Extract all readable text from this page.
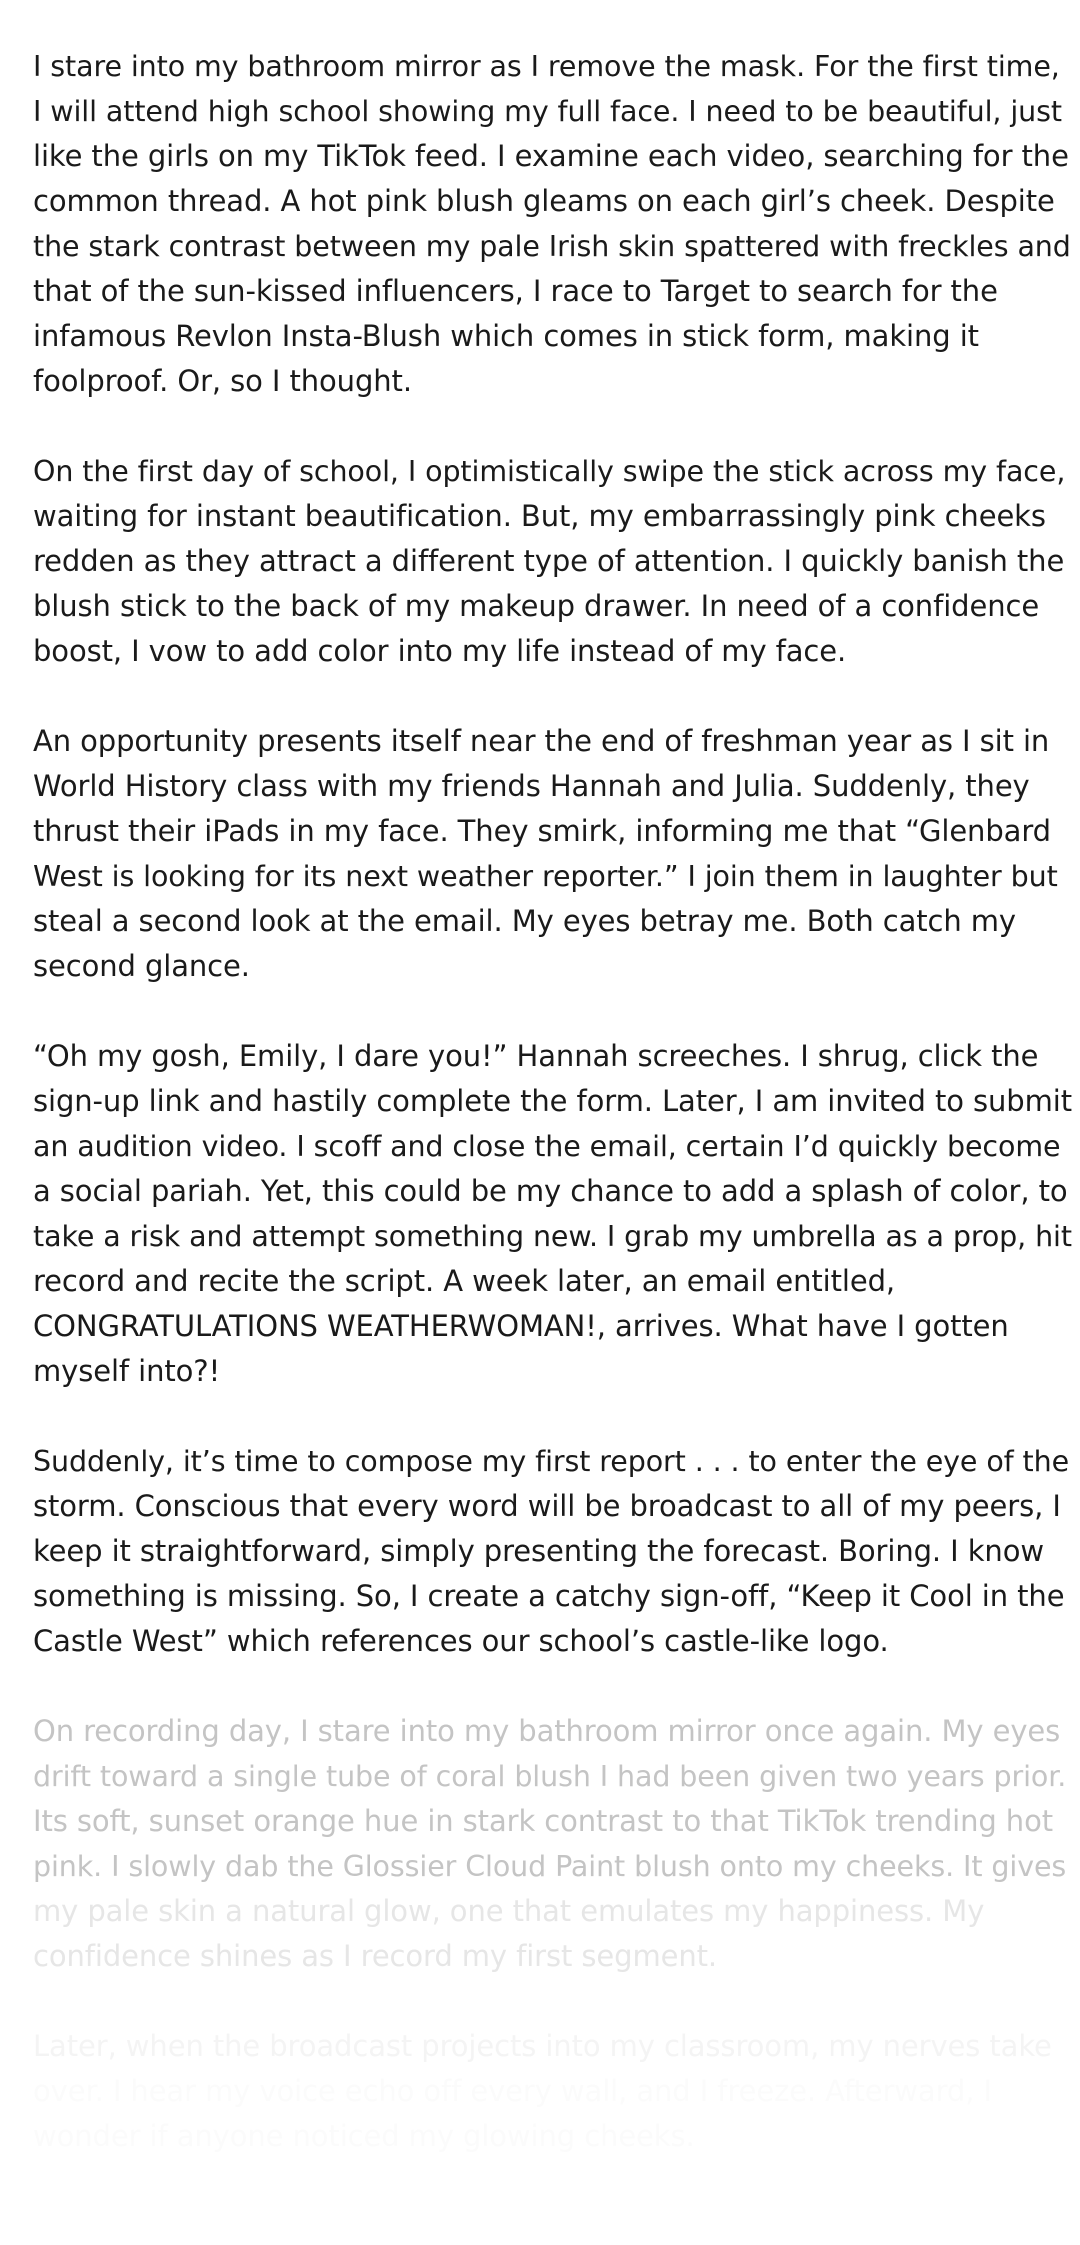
I stare into my bathroom mirror as I remove the mask. For the first time,
I will attend high school showing my full face. I need to be beautiful, just
like the girls on my TikTok feed. I examine each video, searching for the
common thread. A hot pink blush gleams on each girl’s cheek. Despite
the stark contrast between my pale Irish skin spattered with freckles and
that of the sun-kissed influencers, I race to Target to search for the
infamous Revlon Insta-Blush which comes in stick form, making it
foolproof. Or, so I thought.

On the first day of school, I optimistically swipe the stick across my face,
waiting for instant beautification. But, my embarrassingly pink cheeks
redden as they attract a different type of attention. I quickly banish the
blush stick to the back of my makeup drawer. In need of a confidence
boost, I vow to add color into my life instead of my face.

An opportunity presents itself near the end of freshman year as I sit in
World History class with my friends Hannah and Julia. Suddenly, they
thrust their iPads in my face. They smirk, informing me that “Glenbard
West is looking for its next weather reporter.” I join them in laughter but
steal a second look at the email. My eyes betray me. Both catch my
second glance.

“Oh my gosh, Emily, I dare you!” Hannah screeches. I shrug, click the
sign-up link and hastily complete the form. Later, I am invited to submit
an audition video. I scoff and close the email, certain I’d quickly become
a social pariah. Yet, this could be my chance to add a splash of color, to
take a risk and attempt something new. I grab my umbrella as a prop, hit
record and recite the script. A week later, an email entitled,
CONGRATULATIONS WEATHERWOMAN!, arrives. What have I gotten
myself into?!

Suddenly, it’s time to compose my first report . . . to enter the eye of the
storm. Conscious that every word will be broadcast to all of my peers, I
keep it straightforward, simply presenting the forecast. Boring. I know
something is missing. So, I create a catchy sign-off, “Keep it Cool in the
Castle West” which references our school’s castle-like logo.

On recording day, I stare into my bathroom mirror once again. My eyes
drift toward a single tube of coral blush I had been given two years prior.
Its soft, sunset orange hue in stark contrast to that TikTok trending hot
pink. I slowly dab the Glossier Cloud Paint blush onto my cheeks. It gives
my pale skin a natural glow, one that emulates my happiness. My
confidence shines as I record my first segment.

Later, when the broadcast projects into my classroom, my nerves take
over. I hear my voice echo off every wall, and I freeze. Afterward, I
wonder if anyone noticed my glowing cheeks.
